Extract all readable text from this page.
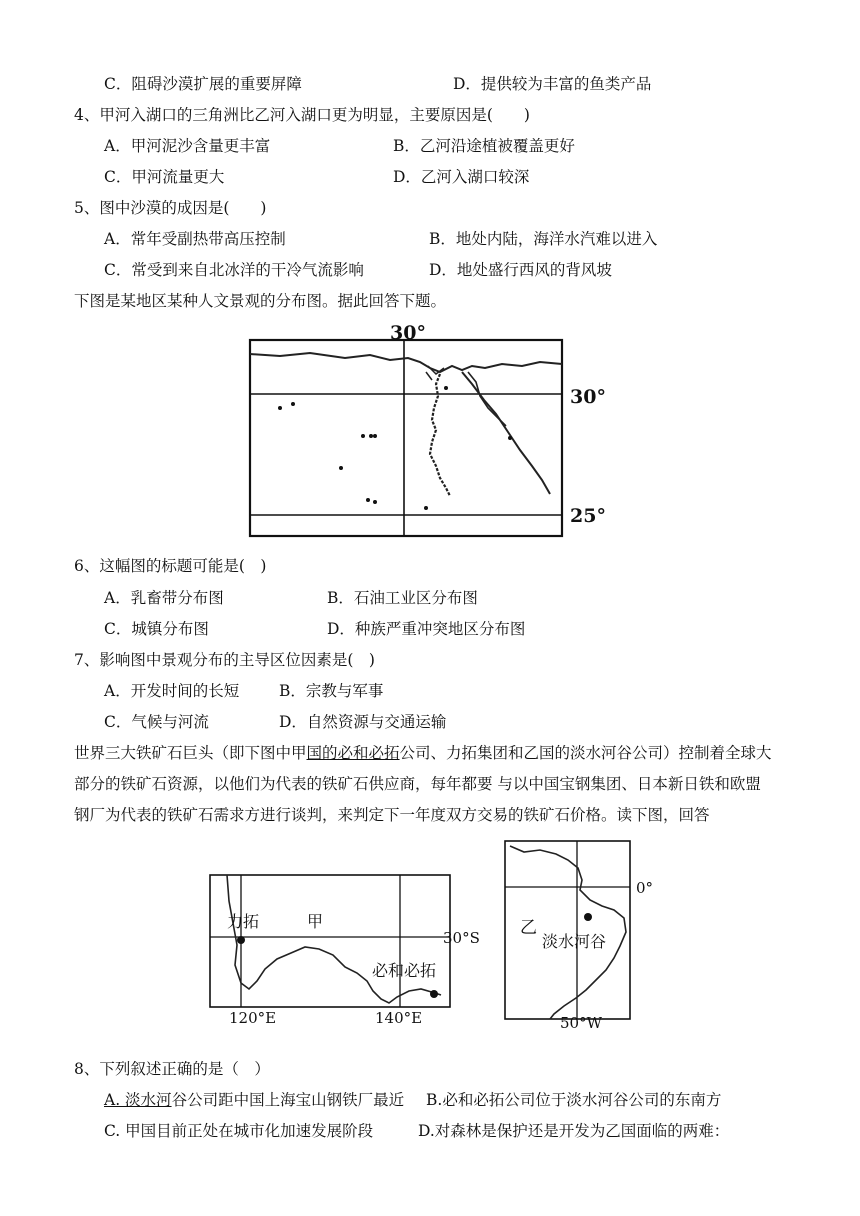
C．阻碍沙漠扩展的重要屏障	D．提供较为丰富的鱼类产品
4、甲河入湖口的三角洲比乙河入湖口更为明显，主要原因是(　　)
A．甲河泥沙含量更丰富	B．乙河沿途植被覆盖更好
C．甲河流量更大	D．乙河入湖口较深
5、图中沙漠的成因是(　　)
A．常年受副热带高压控制	B．地处内陆，海洋水汽难以进入
C．常受到来自北冰洋的干冷气流影响	D．地处盛行西风的背风坡
下图是某地区某种人文景观的分布图。据此回答下题。
30°
30°
25°
6、这幅图的标题可能是(　)
A．乳畜带分布图	B．石油工业区分布图
C．城镇分布图	D．种族严重冲突地区分布图
7、影响图中景观分布的主导区位因素是(　)
A．开发时间的长短	B．宗教与军事
C．气候与河流	D．自然资源与交通运输
世界三大铁矿石巨头（即下图中甲国的必和必拓公司、力拓集团和乙国的淡水河谷公司）控制着全球大
部分的铁矿石资源，以他们为代表的铁矿石供应商，每年都要 与以中国宝钢集团、日本新日铁和欧盟
钢厂为代表的铁矿石需求方进行谈判，来判定下一年度双方交易的铁矿石价格。读下图，回答
力拓	甲
30°S
必和必拓
120°E	140°E
0°
乙
淡水河谷
50°W
8、下列叙述正确的是（　）
A. 淡水河谷公司距中国上海宝山钢铁厂最近 B.必和必拓公司位于淡水河谷公司的东南方
C. 甲国目前正处在城市化加速发展阶段	D.对森林是保护还是开发为乙国面临的两难：
